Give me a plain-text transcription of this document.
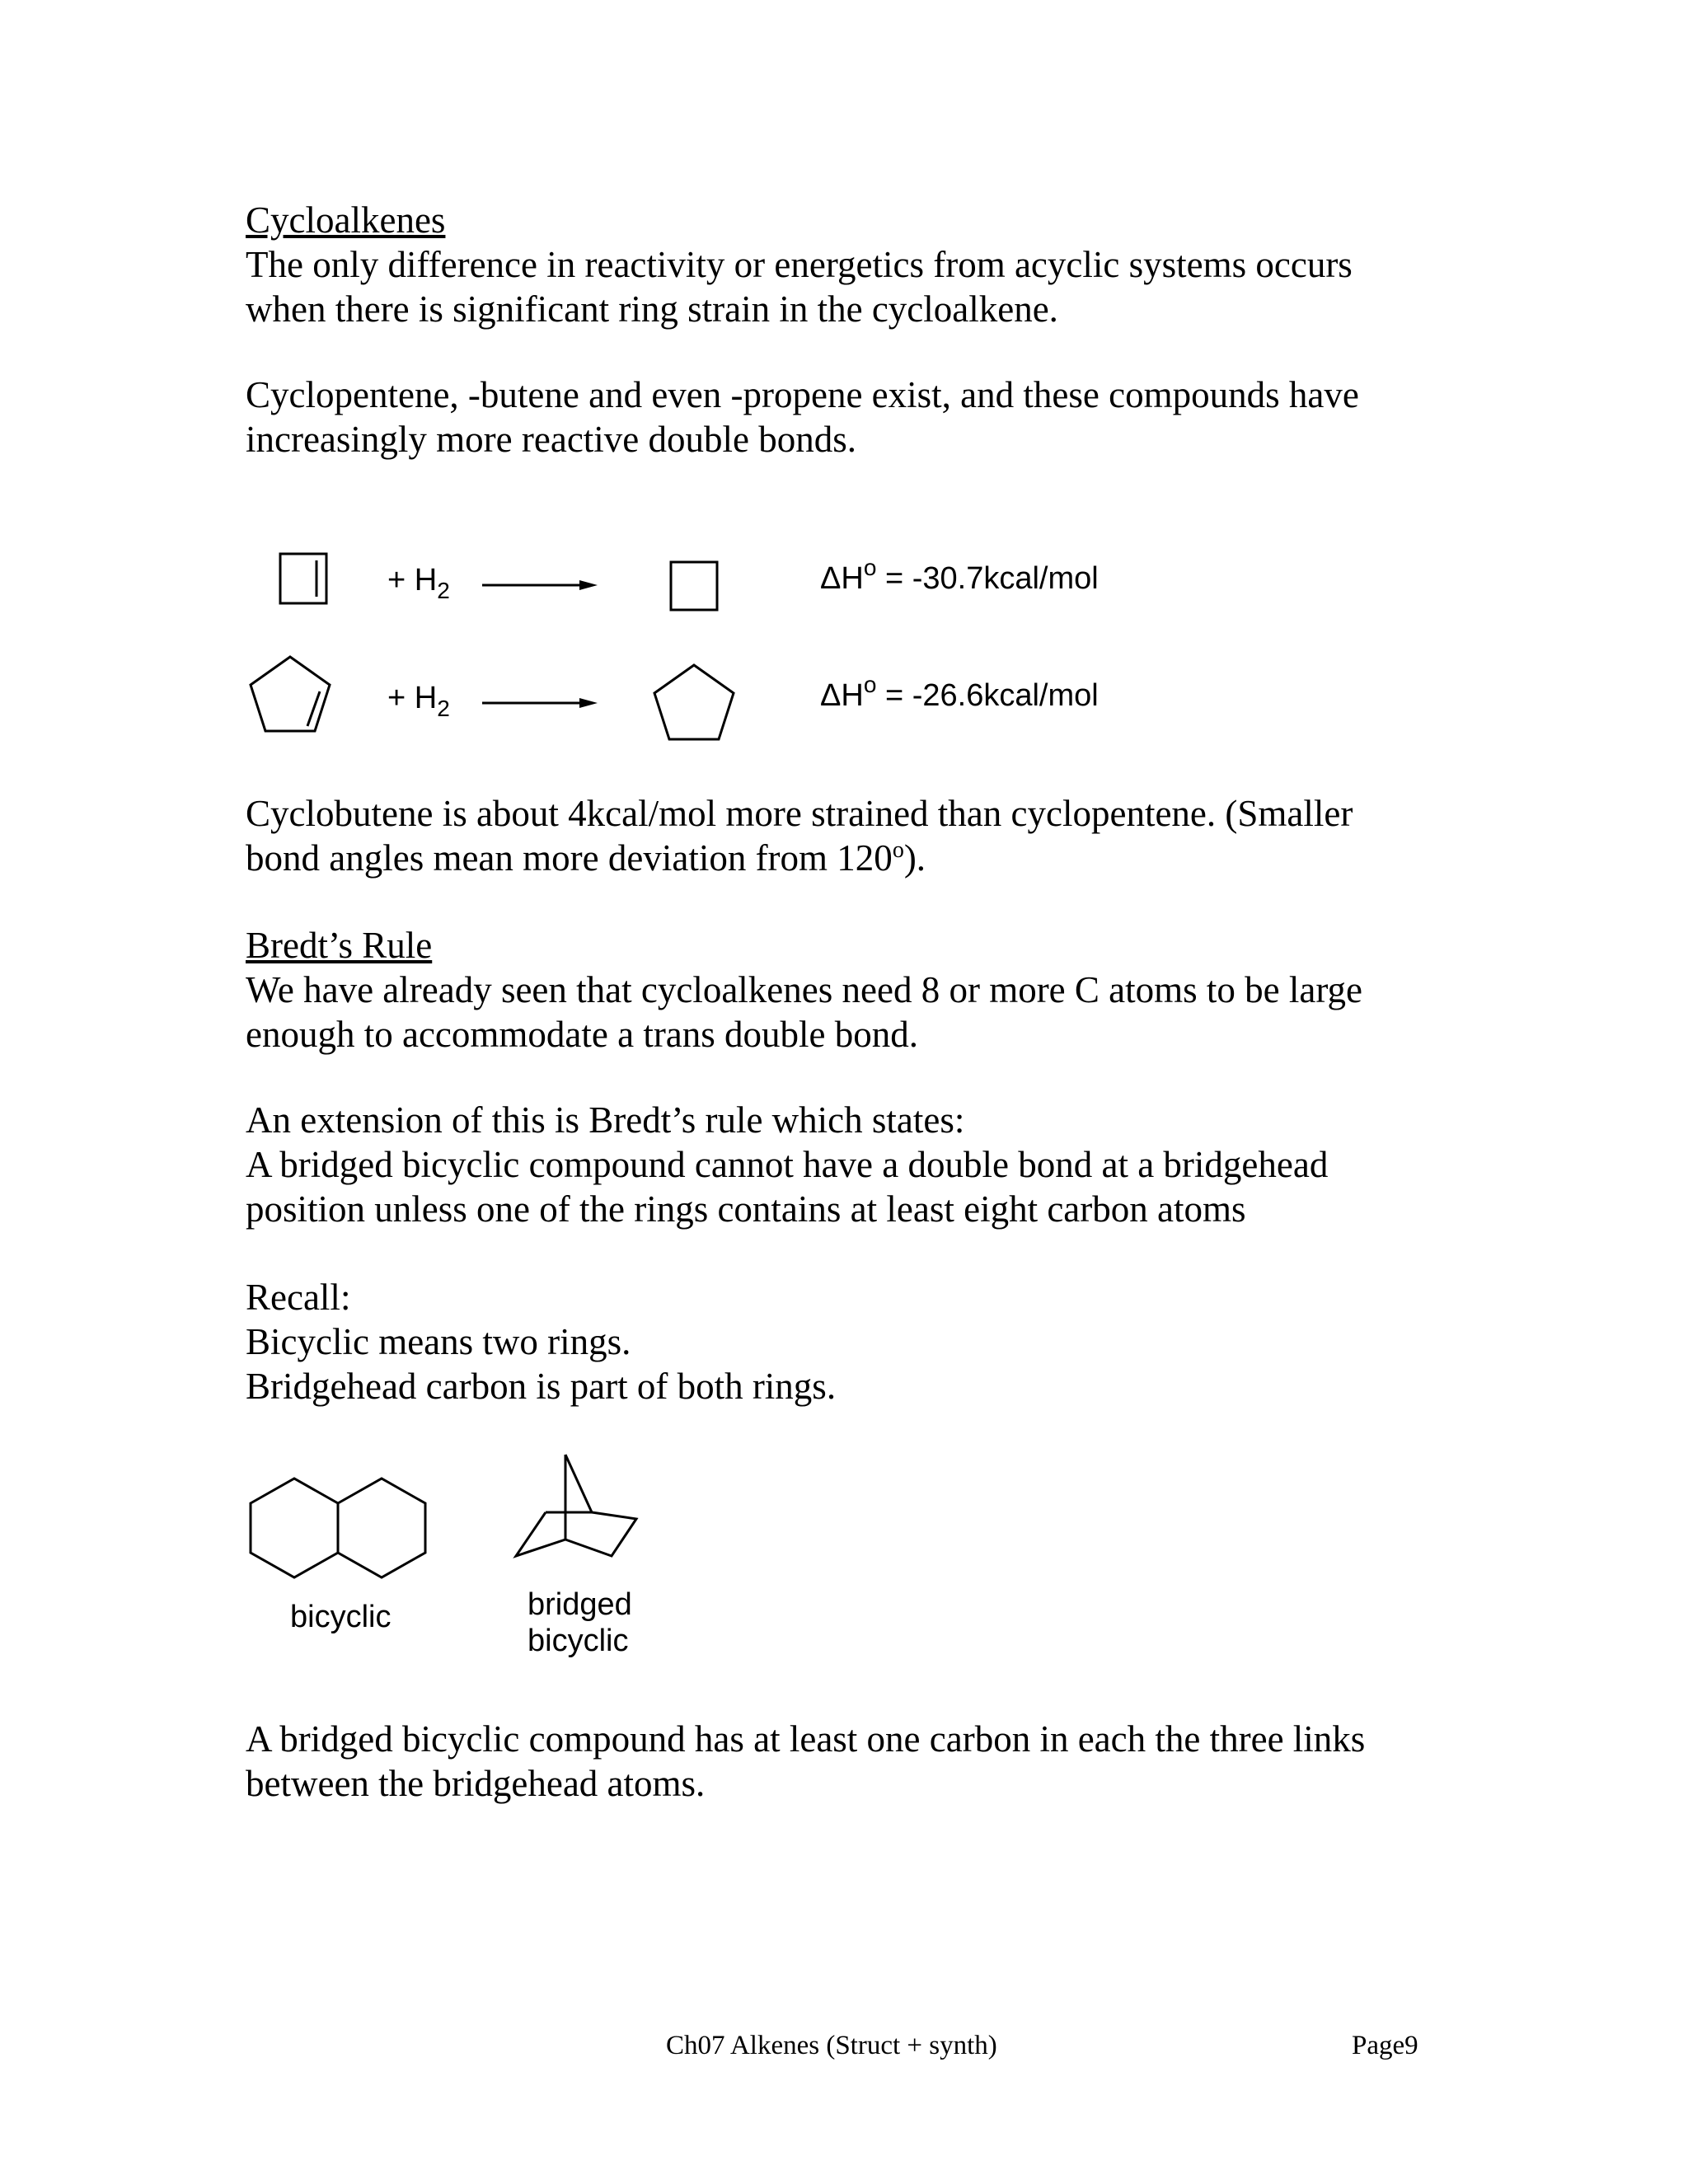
Cycloalkenes

The only difference in reactivity or energetics from acyclic systems occurs

when there is significant ring strain in the cycloalkene.

Cyclopentene, -butene and even -propene exist, and these compounds have

increasingly more reactive double bonds.

+ $H_2$	$\Delta H^o$ = -30.7kcal/mol
+ $H_2$	$\Delta H^o$ = -26.6kcal/mol

Cyclobutene is about 4kcal/mol more strained than cyclopentene. (Smaller

bond angles mean more deviation from 120$^o$).

Bredt’s Rule

We have already seen that cycloalkenes need 8 or more C atoms to be large

enough to accommodate a trans double bond.

An extension of this is Bredt’s rule which states:

A bridged bicyclic compound cannot have a double bond at a bridgehead

position unless one of the rings contains at least eight carbon atoms

Recall:

Bicyclic means two rings.

Bridgehead carbon is part of both rings.

bicyclic	bridged
bicyclic

A bridged bicyclic compound has at least one carbon in each the three links

between the bridgehead atoms.

Ch07 Alkenes (Struct + synth)	Page9
